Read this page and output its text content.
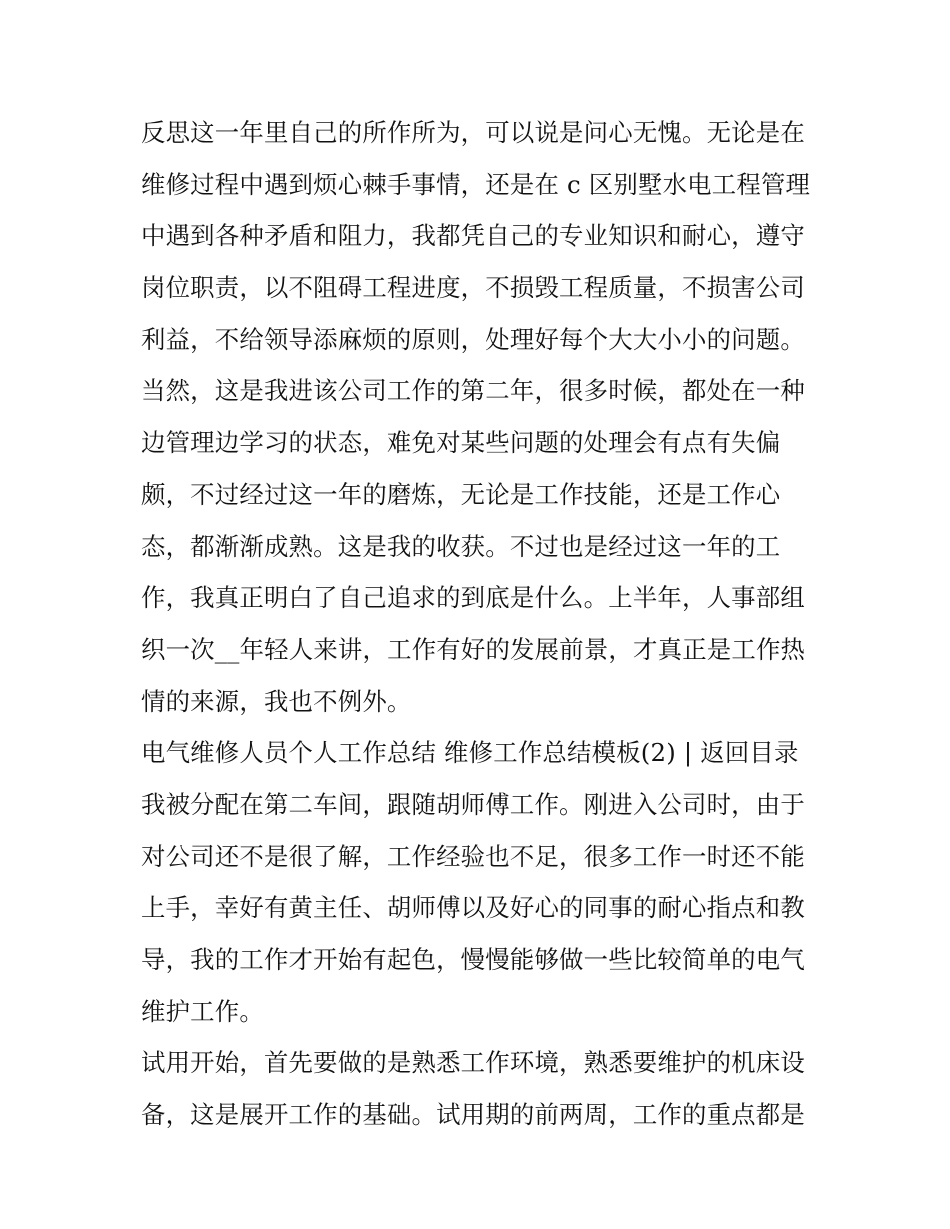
反思这一年里自己的所作所为，可以说是问心无愧。无论是在
维修过程中遇到烦心棘手事情，还是在 c 区别墅水电工程管理
中遇到各种矛盾和阻力，我都凭自己的专业知识和耐心，遵守
岗位职责，以不阻碍工程进度，不损毁工程质量，不损害公司
利益，不给领导添麻烦的原则，处理好每个大大小小的问题。
当然，这是我进该公司工作的第二年，很多时候，都处在一种
边管理边学习的状态，难免对某些问题的处理会有点有失偏
颇，不过经过这一年的磨炼，无论是工作技能，还是工作心
态，都渐渐成熟。这是我的收获。不过也是经过这一年的工
作，我真正明白了自己追求的到底是什么。上半年，人事部组
织一次__年轻人来讲，工作有好的发展前景，才真正是工作热
情的来源，我也不例外。
电气维修人员个人工作总结 维修工作总结模板(2) | 返回目录
我被分配在第二车间，跟随胡师傅工作。刚进入公司时，由于
对公司还不是很了解，工作经验也不足，很多工作一时还不能
上手，幸好有黄主任、胡师傅以及好心的同事的耐心指点和教
导，我的工作才开始有起色，慢慢能够做一些比较简单的电气
维护工作。
试用开始，首先要做的是熟悉工作环境，熟悉要维护的机床设
备，这是展开工作的基础。试用期的前两周，工作的重点都是
